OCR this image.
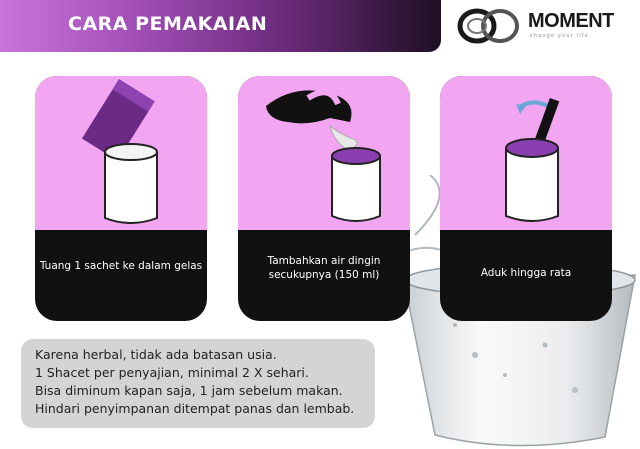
CARA PEMAKAIAN	MOMENT
change your life
Tuang 1 sachet ke dalam gelas	Tambahkan air dingin
secukupnya (150 ml)	Aduk hingga rata
Karena herbal, tidak ada batasan usia.
1 Shacet per penyajian, minimal 2 X sehari.
Bisa diminum kapan saja, 1 jam sebelum makan.
Hindari penyimpanan ditempat panas dan lembab.
